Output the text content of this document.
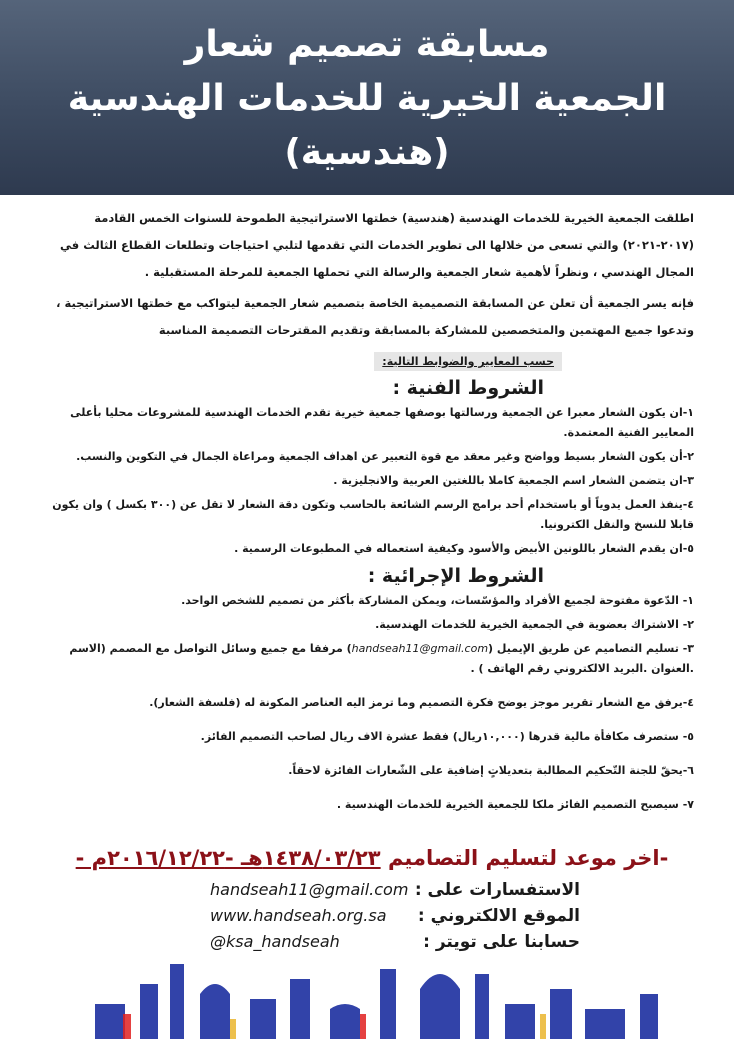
مسابقة تصميم شعار
الجمعية الخيرية للخدمات الهندسية
(هندسية)

اطلقت الجمعية الخيرية للخدمات الهندسية (هندسية) خطتها الاستراتيجية الطموحة للسنوات الخمس القادمة

(٢٠١٧-٢٠٢١) والتي تسعى من خلالها الى تطوير الخدمات التي تقدمها لتلبي احتياجات وتطلعات القطاع الثالث في

المجال الهندسي ، ونظراً لأهمية شعار الجمعية والرسالة التي تحملها الجمعية للمرحلة المستقبلية .

فإنه يسر الجمعية أن تعلن عن المسابقة التصميمية الخاصة بتصميم شعار الجمعية ليتواكب مع خطتها الاستراتيجية ،

وتدعوا جميع المهتمين والمتخصصين للمشاركة بالمسابقة وتقديم المقترحات التصميمة المناسبة

حسب المعايير والضوابط التالية:
الشروط الفنية :
١-ان يكون الشعار معبرا عن الجمعية ورسالتها بوصفها جمعية خيرية تقدم الخدمات الهندسية للمشروعات محليا بأعلى المعايير الفنية المعتمدة.
٢-أن يكون الشعار بسيط وواضح وغير معقد مع قوة التعبير عن اهداف الجمعية ومراعاة الجمال في التكوين والنسب.
٣-ان يتضمن الشعار اسم الجمعية كاملا باللغتين العربية والانجليزية .
٤-ينفذ العمل يدوياً أو باستخدام أحد برامج الرسم الشائعة بالحاسب وتكون دقة الشعار لا تقل عن (٣٠٠ بكسل ) وان يكون قابلا للنسخ والنقل الكترونيا.
٥-ان يقدم الشعار باللونين الأبيض والأسود وكيفية استعماله في المطبوعات الرسمية .
الشروط الإجرائية :
١- الدّعوة مفتوحة لجميع الأفراد والمؤسّسات، ويمكن المشاركة بأكثر من تصميم للشخص الواحد.
٢- الاشتراك بعضوية في الجمعية الخيرية للخدمات الهندسية.
٣- تسليم التصاميم عن طريق الإيميل (handseah11@gmail.com) مرفقا مع جميع وسائل التواصل مع المصمم (الاسم .العنوان .البريد الالكتروني رقم الهاتف ) .
٤-يرفق مع الشعار تقرير موجز يوضح فكرة التصميم وما ترمز اليه العناصر المكونة له (فلسفة الشعار).
٥- ستصرف مكافأة مالية قدرها (١٠,٠٠٠ريال) فقط عشرة الاف ريال لصاحب التصميم الفائز.
٦-يحقّ للجنة التّحكيم المطالبة بتعديلاتٍ إضافية على الشّعارات الفائزة لاحقاً.
٧- سيصبح التصميم الفائز ملكا للجمعية الخيرية للخدمات الهندسية .
-اخر موعد لتسليم التصاميم ١٤٣٨/٠٣/٢٣هـ -٢٠١٦/١٢/٢٢م -
الاستفسارات على :
handseah11@gmail.com
الموقع الالكتروني :
www.handseah.org.sa
حسابنا على تويتر :
@ksa_handseah
